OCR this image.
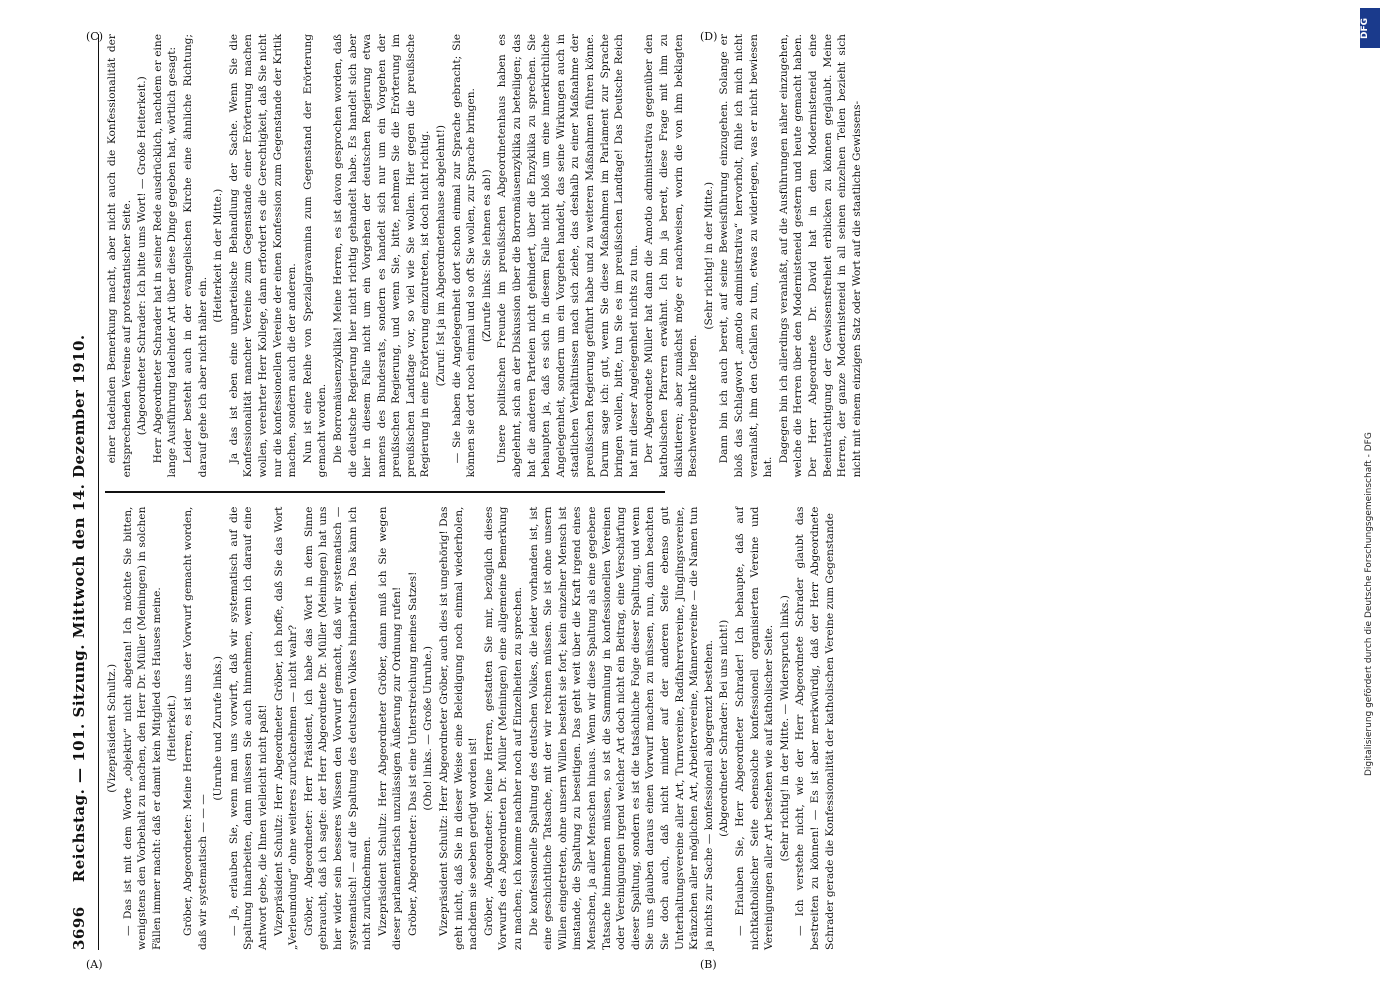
3696
Reichstag. — 101. Sitzung. Mittwoch den 14. Dezember 1910. (Vizepräsident Schultz.) — Das ist mit dem Worte „objektiv“ nicht abgetan! Ich möchte Sie bitten, wenigstens den Vorbehalt zu machen, den Herr Dr. Müller (Meiningen) in solchen Fällen immer macht: daß er damit kein Mitglied des Hauses meine. (Heiterkeit.) Gröber, Abgeordneter: Meine Herren, es ist uns der Vorwurf gemacht worden, daß wir systematisch — — —

(Unruhe und Zurufe links.) — Ja, erlauben Sie, wenn man uns vorwirft, daß wir systematisch auf die Spaltung hinarbeiten, dann müssen Sie auch hinnehmen, wenn ich darauf eine Antwort gebe, die Ihnen vielleicht nicht paßt! Vizepräsident Schultz: Herr Abgeordneter Gröber, ich hoffe, daß Sie das Wort „Verleumdung“ ohne weiteres zurücknehmen — nicht wahr? Gröber, Abgeordneter: Herr Präsident, ich habe das Wort in dem Sinne gebraucht, daß ich sagte: der Herr Abgeordnete Dr. Müller (Meiningen) hat uns hier wider sein besseres Wissen den Vorwurf gemacht, daß wir systematisch — systematisch! — auf die Spaltung des deutschen Volkes hinarbeiten. Das kann ich nicht zurücknehmen. Vizepräsident Schultz: Herr Abgeordneter Gröber, dann muß ich Sie wegen dieser parlamentarisch unzulässigen Äußerung zur Ordnung rufen! Gröber, Abgeordneter: Das ist eine Unterstreichung meines Satzes! (Oho! links. — Große Unruhe.) Vizepräsident Schultz: Herr Abgeordneter Gröber, auch dies ist ungehörig! Das geht nicht, daß Sie in dieser Weise eine Beleidigung noch einmal wiederholen, nachdem sie soeben gerügt worden ist! Gröber, Abgeordneter: Meine Herren, gestatten Sie mir, bezüglich dieses Vorwurfs des Abgeordneten Dr. Müller (Meiningen) eine allgemeine Bemerkung zu machen; ich komme nachher noch auf Einzelheiten zu sprechen. Die konfessionelle Spaltung des deutschen Volkes, die leider vorhanden ist, ist eine geschichtliche Tatsache, mit der wir rechnen müssen. Sie ist ohne unsern Willen eingetreten, ohne unsern Willen besteht sie fort; kein einzelner Mensch ist imstande, die Spaltung zu beseitigen. Das geht weit über die Kraft irgend eines Menschen, ja aller Menschen hinaus. Wenn wir diese Spaltung als eine gegebene Tatsache hinnehmen müssen, so ist die Sammlung in konfessionellen Vereinen oder Vereinigungen irgend welcher Art doch nicht ein Beitrag, eine Verschärfung dieser Spaltung, sondern es ist die tatsächliche Folge dieser Spaltung, und wenn Sie uns glauben daraus einen Vorwurf machen zu müssen, nun, dann beachten Sie doch auch, daß nicht minder auf der anderen Seite ebenso gut Unterhaltungsvereine aller Art, Turnvereine, Radfahrervereine, Jünglingsvereine, Kränzchen aller möglichen Art, Arbeitervereine, Männervereine — die Namen tun ja nichts zur Sache — konfessionell abgegrenzt bestehen. (Abgeordneter Schrader: Bei uns nicht!) — Erlauben Sie, Herr Abgeordneter Schrader! Ich behaupte, daß auf nichtkatholischer Seite ebensolche konfessionell organisierten Vereine und Vereinigungen aller Art bestehen wie auf katholischer Seite. (Sehr richtig! in der Mitte. — Widerspruch links.) — Ich verstehe nicht, wie der Herr Abgeordnete Schrader glaubt das bestreiten zu können! — Es ist aber merkwürdig, daß der Herr Abgeordnete Schrader gerade die Konfessionalität der katholischen Vereine zum Gegenstande

einer tadelnden Bemerkung macht, aber nicht auch die Konfessionalität der entsprechenden Vereine auf protestantischer Seite. (Abgeordneter Schrader: Ich bitte ums Wort! — Große Heiterkeit.) Herr Abgeordneter Schrader hat in seiner Rede ausdrücklich, nachdem er eine lange Ausführung tadelnder Art über diese Dinge gegeben hat, wörtlich gesagt: Leider besteht auch in der evangelischen Kirche eine ähnliche Richtung; darauf gehe ich aber nicht näher ein.

(Heiterkeit in der Mitte.) Ja das ist eben eine unparteiische Behandlung der Sache. Wenn Sie die Konfessionalität mancher Vereine zum Gegenstande einer Erörterung machen wollen, verehrter Herr Kollege, dann erfordert es die Gerechtigkeit, daß Sie nicht nur die konfessionellen Vereine der einen Konfession zum Gegenstande der Kritik machen, sondern auch die der anderen. Nun ist eine Reihe von Spezialgravamina zum Gegenstand der Erörterung gemacht worden. Die Borromäusenzyklika! Meine Herren, es ist davon gesprochen worden, daß die deutsche Regierung hier nicht richtig gehandelt habe. Es handelt sich aber hier in diesem Falle nicht um ein Vorgehen der deutschen Regierung etwa namens des Bundesrats, sondern es handelt sich nur um ein Vorgehen der preußischen Regierung, und wenn Sie, bitte, nehmen Sie die Erörterung im preußischen Landtage vor, so viel wie Sie wollen. Hier gegen die preußische Regierung in eine Erörterung einzutreten, ist doch nicht richtig. (Zuruf: Ist ja im Abgeordnetenhause abgelehnt!) — Sie haben die Angelegenheit dort schon einmal zur Sprache gebracht; Sie können sie dort noch einmal und so oft Sie wollen, zur Sprache bringen. (Zurufe links: Sie lehnen es ab!) Unsere politischen Freunde im preußischen Abgeordnetenhaus haben es abgelehnt, sich an der Diskussion über die Borromäusenzyklika zu beteiligen; das hat die anderen Parteien nicht gehindert, über die Enzyklika zu sprechen. Sie behaupten ja, daß es sich in diesem Falle nicht bloß um eine innerkirchliche Angelegenheit, sondern um ein Vorgehen handelt, das seine Wirkungen auch in staatlichen Verhältnissen nach sich ziehe, das deshalb zu einer Maßnahme der preußischen Regierung geführt habe und zu weiteren Maßnahmen führen könne. Darum sage ich: gut, wenn Sie diese Maßnahmen im Parlament zur Sprache bringen wollen, bitte, tun Sie es im preußischen Landtage! Das Deutsche Reich hat mit dieser Angelegenheit nichts zu tun. Der Abgeordnete Müller hat dann die Amotio administrativa gegenüber den katholischen Pfarrern erwähnt. Ich bin ja bereit, diese Frage mit ihm zu diskutieren; aber zunächst möge er nachweisen, worin die von ihm beklagten Beschwerdepunkte liegen.

(Sehr richtig! in der Mitte.) Dann bin ich auch bereit, auf seine Beweisführung einzugehen. Solange er bloß das Schlagwort „amotio administrativa“ hervorholt, fühle ich mich nicht veranlaßt, ihm den Gefallen zu tun, etwas zu widerlegen, was er nicht bewiesen hat.

Dagegen bin ich allerdings veranlaßt, auf die Ausführungen näher einzugehen, welche die Herren über den Modernisteneid gestern und heute gemacht haben. Der Herr Abgeordnete Dr. David hat in dem Modernisteneid eine Beeinträchtigung der Gewissensfreiheit erblicken zu können geglaubt. Meine Herren, der ganze Modernisteneid in all seinen einzelnen Teilen bezieht sich nicht mit einem einzigen Satz oder Wort auf die staatliche Gewissens-

(A)	(B)
(C)	(D)	DFG
Digitalisierung gefördert durch die Deutsche Forschungsgemeinschaft - DFG
